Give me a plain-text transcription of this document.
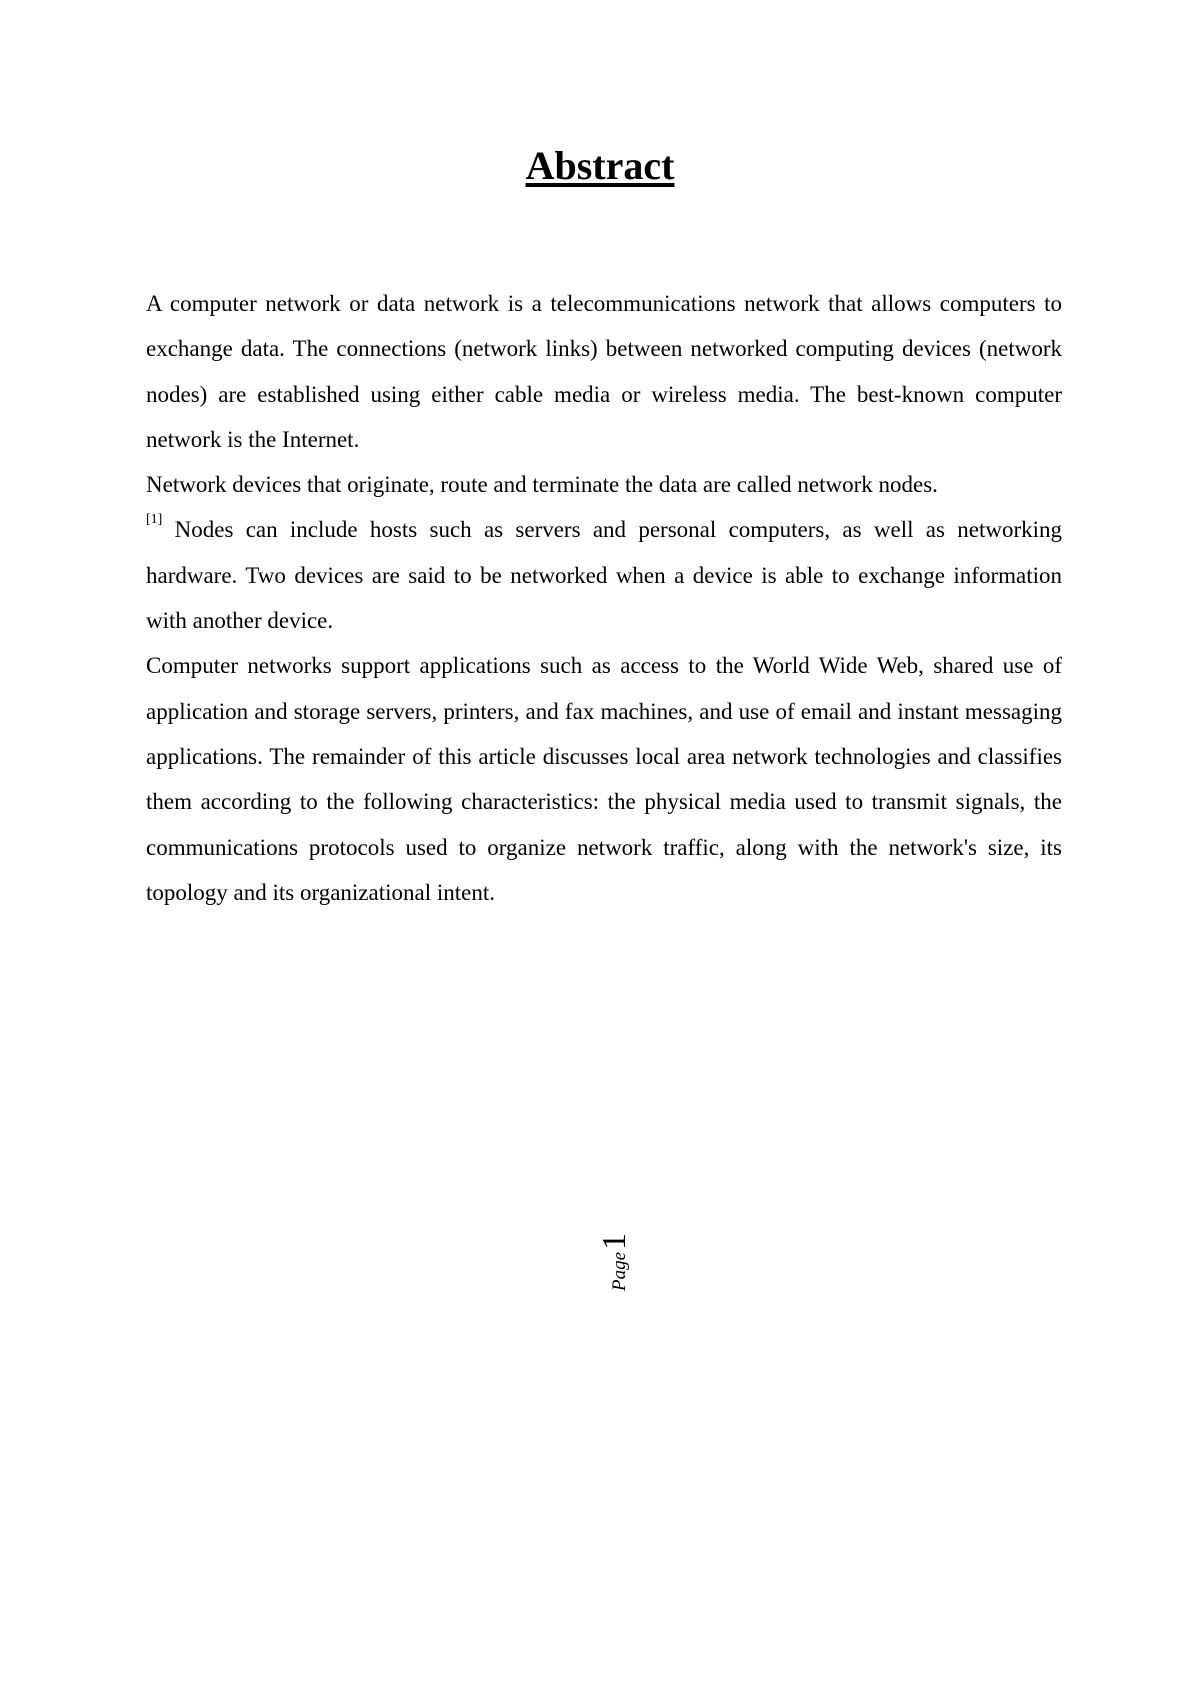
Abstract

A computer network or data network is a telecommunications network that allows computers to exchange data. The connections (network links) between networked computing devices (network nodes) are established using either cable media or wireless media. The best-known computer network is the Internet.

Network devices that originate, route and terminate the data are called network nodes.
[1] Nodes can include hosts such as servers and personal computers, as well as networking hardware. Two devices are said to be networked when a device is able to exchange information with another device.

Computer networks support applications such as access to the World Wide Web, shared use of application and storage servers, printers, and fax machines, and use of email and instant messaging applications. The remainder of this article discusses local area network technologies and classifies them according to the following characteristics: the physical media used to transmit signals, the communications protocols used to organize network traffic, along with the network's size, its topology and its organizational intent.

Page1
